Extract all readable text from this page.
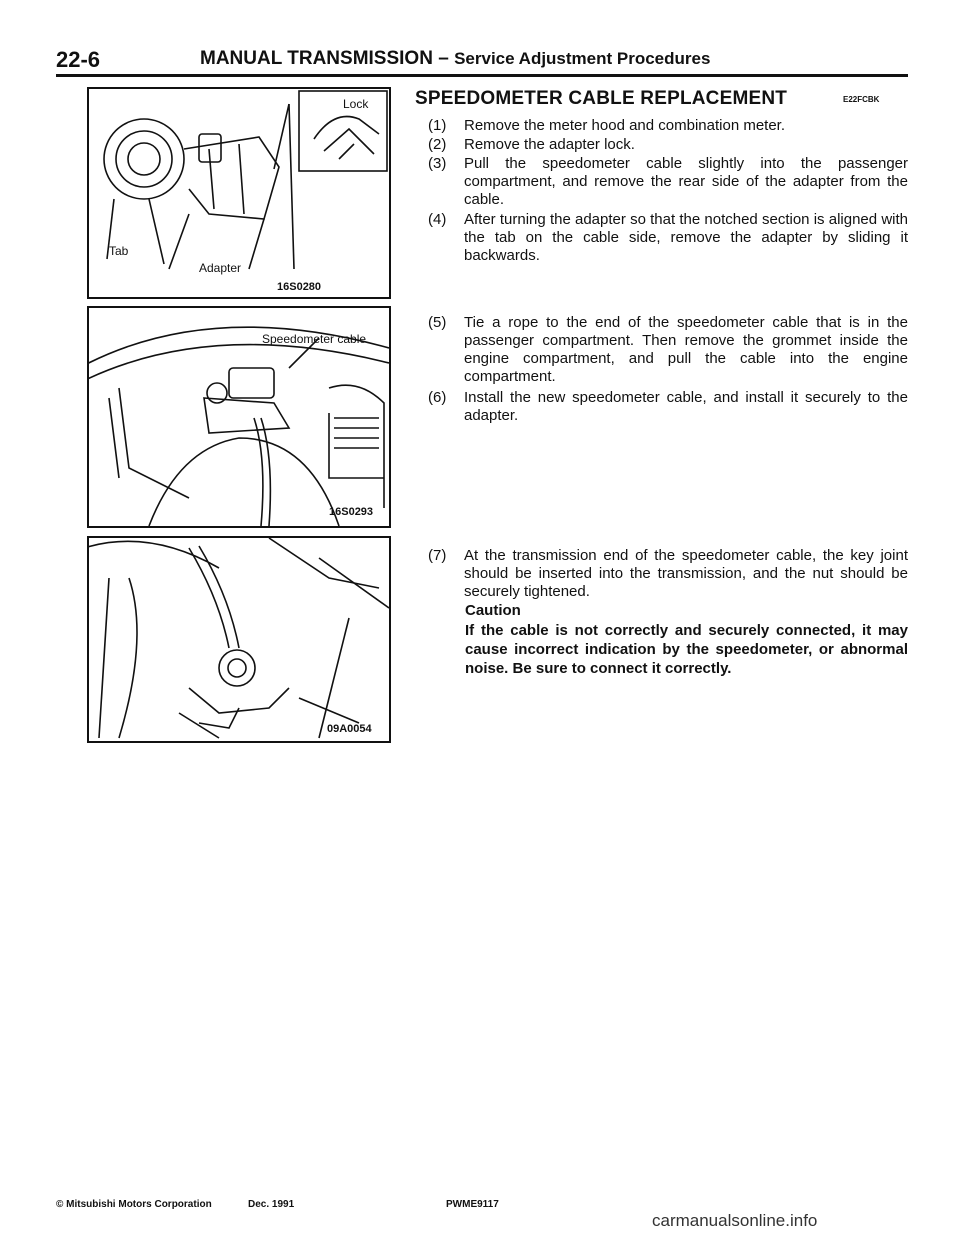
22-6	MANUAL TRANSMISSION – Service Adjustment Procedures
Lock
Tab
Adapter
16S0280
Speedometer cable
16S0293
09A0054
SPEEDOMETER CABLE REPLACEMENT	E22FCBK
(1) Remove the meter hood and combination meter.
(2) Remove the adapter lock.
(3) Pull the speedometer cable slightly into the passenger compartment, and remove the rear side of the adapter from the cable.
(4) After turning the adapter so that the notched section is aligned with the tab on the cable side, remove the adapter by sliding it backwards.
(5) Tie a rope to the end of the speedometer cable that is in the passenger compartment. Then remove the grommet inside the engine compartment, and pull the cable into the engine compartment.
(6) Install the new speedometer cable, and install it securely to the adapter.
(7) At the transmission end of the speedometer cable, the key joint should be inserted into the transmission, and the nut should be securely tightened.
Caution
If the cable is not correctly and securely connected, it may cause incorrect indication by the speedometer, or abnormal noise. Be sure to connect it correctly.
© Mitsubishi Motors Corporation	Dec. 1991	PWME9117
carmanualsonline.info
